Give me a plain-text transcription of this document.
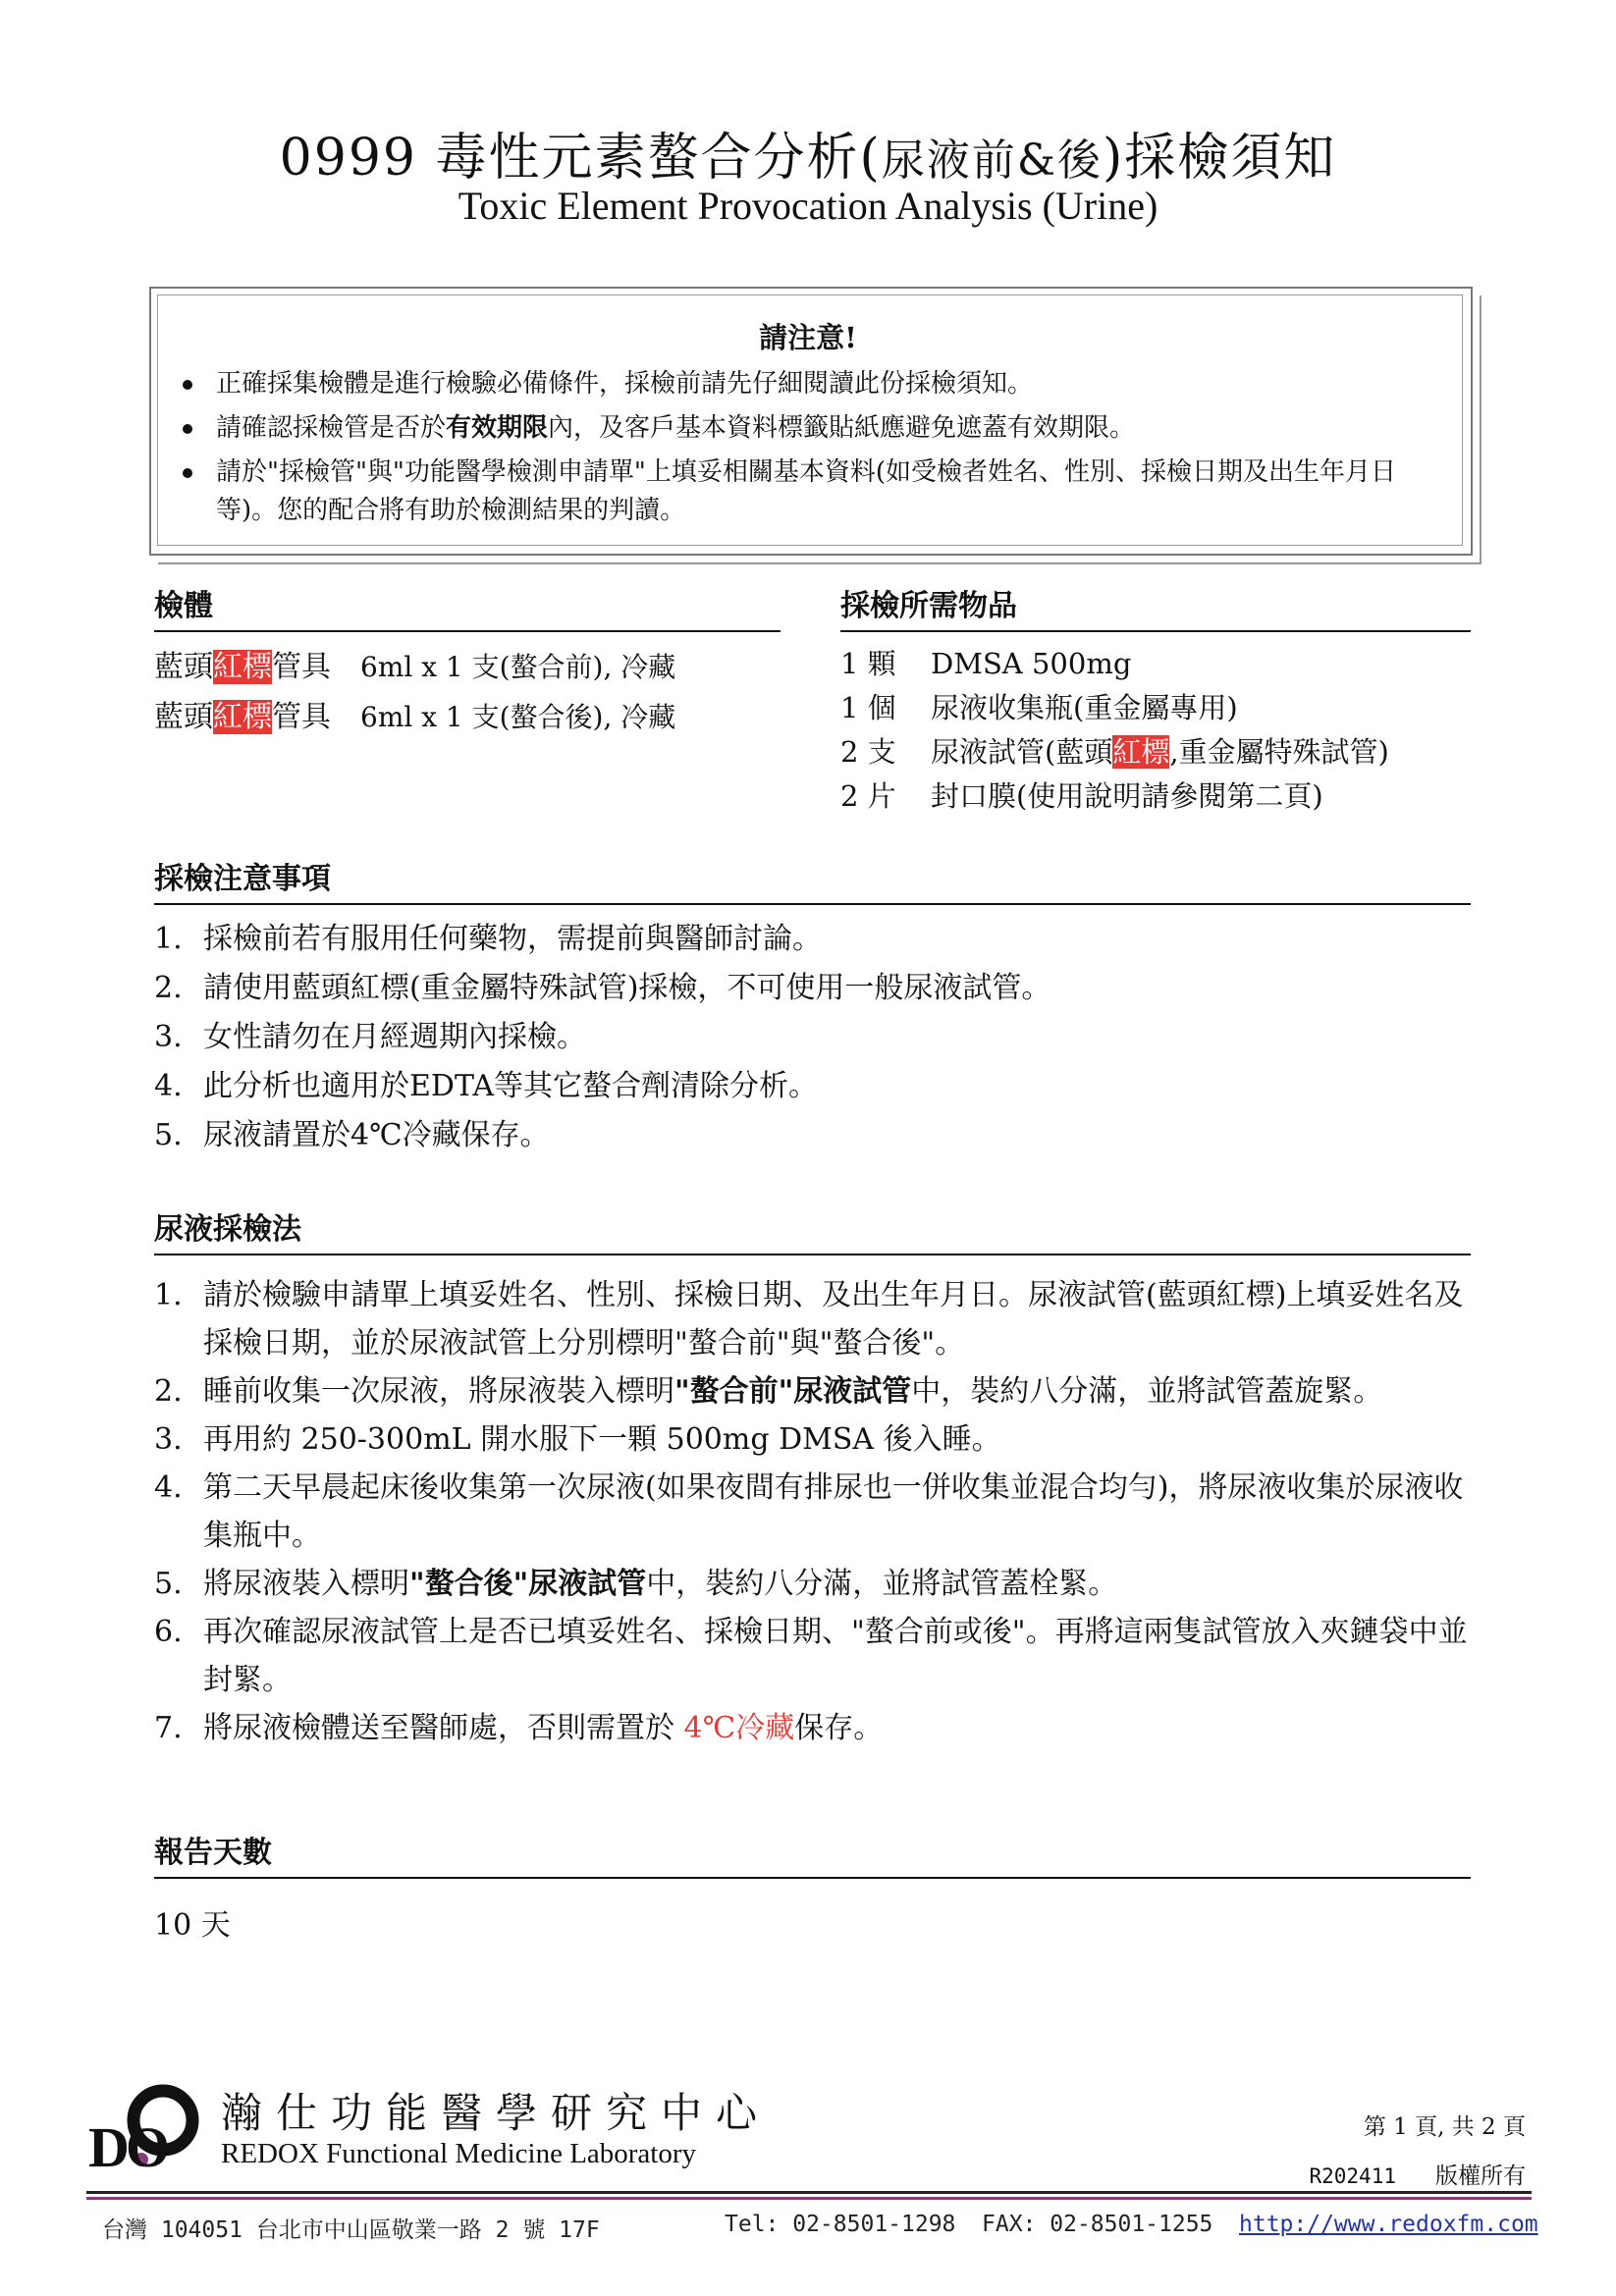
0999 毒性元素螯合分析(尿液前&後)採檢須知
Toxic Element Provocation Analysis (Urine)
請注意!
正確採集檢體是進行檢驗必備條件，採檢前請先仔細閱讀此份採檢須知。
請確認採檢管是否於有效期限內，及客戶基本資料標籤貼紙應避免遮蓋有效期限。
請於"採檢管"與"功能醫學檢測申請單"上填妥相關基本資料(如受檢者姓名、性別、採檢日期及出生年月日等)。您的配合將有助於檢測結果的判讀。
檢體
藍頭紅標管具 6ml x 1 支(螯合前), 冷藏
藍頭紅標管具 6ml x 1 支(螯合後), 冷藏
採檢所需物品
1 顆	DMSA 500mg
1 個	尿液收集瓶(重金屬專用)
2 支	尿液試管(藍頭紅標,重金屬特殊試管)
2 片	封口膜(使用說明請參閱第二頁)
採檢注意事項
1. 採檢前若有服用任何藥物，需提前與醫師討論。
2. 請使用藍頭紅標(重金屬特殊試管)採檢，不可使用一般尿液試管。
3. 女性請勿在月經週期內採檢。
4. 此分析也適用於EDTA等其它螯合劑清除分析。
5. 尿液請置於4℃冷藏保存。
尿液採檢法
1. 請於檢驗申請單上填妥姓名、性別、採檢日期、及出生年月日。尿液試管(藍頭紅標)上填妥姓名及採檢日期，並於尿液試管上分別標明"螯合前"與"螯合後"。
2. 睡前收集一次尿液，將尿液裝入標明"螯合前"尿液試管中，裝約八分滿，並將試管蓋旋緊。
3. 再用約 250-300mL 開水服下一顆 500mg DMSA 後入睡。
4. 第二天早晨起床後收集第一次尿液(如果夜間有排尿也一併收集並混合均勻)，將尿液收集於尿液收集瓶中。
5. 將尿液裝入標明"螯合後"尿液試管中，裝約八分滿，並將試管蓋栓緊。
6. 再次確認尿液試管上是否已填妥姓名、採檢日期、"螯合前或後"。再將這兩隻試管放入夾鏈袋中並封緊。
7. 將尿液檢體送至醫師處，否則需置於 4℃冷藏保存。
報告天數
10 天
DO
瀚仕功能醫學研究中心
REDOX Functional Medicine Laboratory
第 1 頁, 共 2 頁
R202411 版權所有
台灣 104051 台北市中山區敬業一路 2 號 17F	Tel: 02-8501-1298 FAX: 02-8501-1255 http://www.redoxfm.com
